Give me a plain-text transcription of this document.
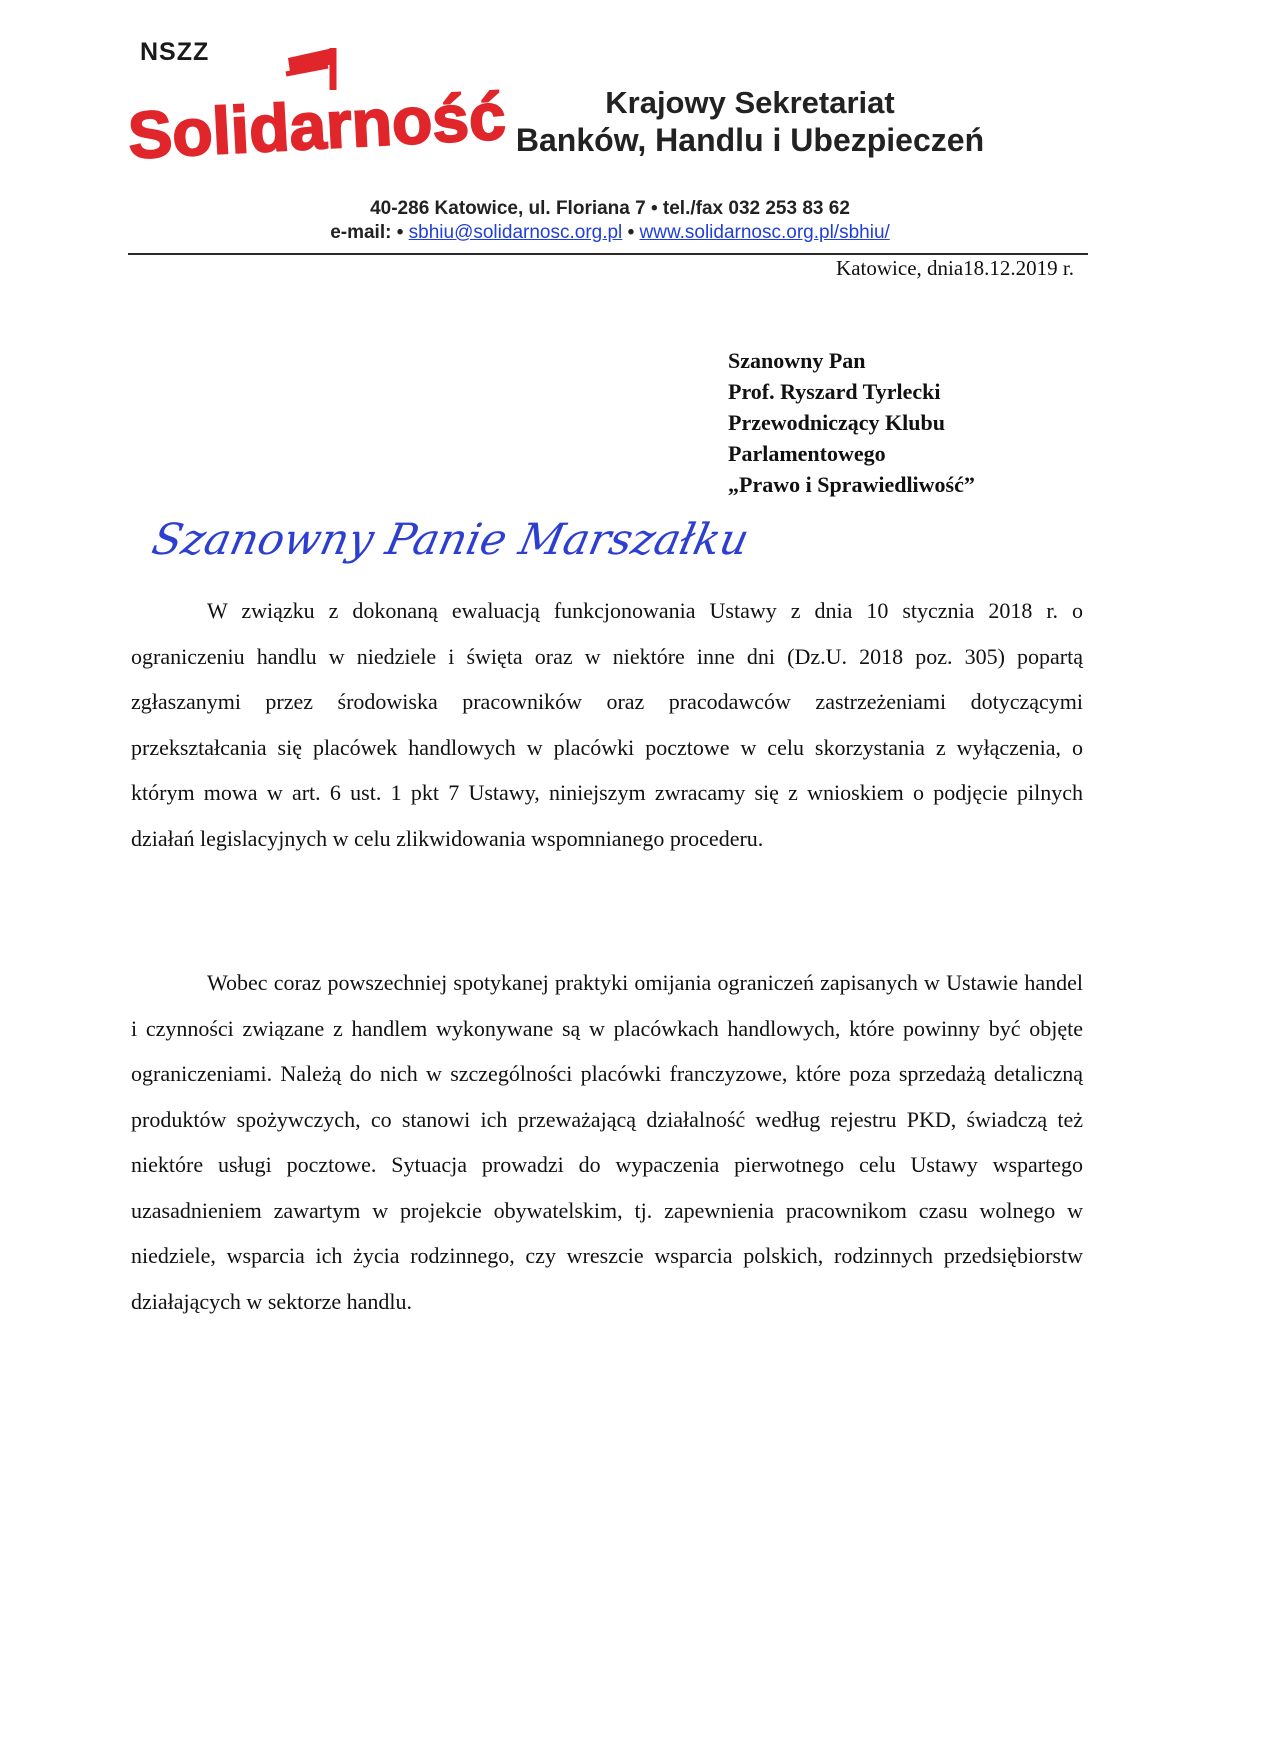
NSZZ
Solidarność	Krajowy Sekretariat
Banków, Handlu i Ubezpieczeń
40-286 Katowice, ul. Floriana 7 • tel./fax 032 253 83 62
e-mail: • sbhiu@solidarnosc.org.pl • www.solidarnosc.org.pl/sbhiu/
Katowice, dnia18.12.2019 r.
Szanowny Pan
Prof. Ryszard Tyrlecki
Przewodniczący Klubu
Parlamentowego
„Prawo i Sprawiedliwość”
Szanowny Panie Marszałku
W związku z dokonaną ewaluacją funkcjonowania Ustawy z dnia 10 stycznia 2018 r. o ograniczeniu handlu w niedziele i święta oraz w niektóre inne dni (Dz.U. 2018 poz. 305) popartą zgłaszanymi przez środowiska pracowników oraz pracodawców zastrzeżeniami dotyczącymi przekształcania się placówek handlowych w placówki pocztowe w celu skorzystania z wyłączenia, o którym mowa w art. 6 ust. 1 pkt 7 Ustawy, niniejszym zwracamy się z wnioskiem o podjęcie pilnych działań legislacyjnych w celu zlikwidowania wspomnianego procederu.
Wobec coraz powszechniej spotykanej praktyki omijania ograniczeń zapisanych w Ustawie handel i czynności związane z handlem wykonywane są w placówkach handlowych, które powinny być objęte ograniczeniami. Należą do nich w szczególności placówki franczyzowe, które poza sprzedażą detaliczną produktów spożywczych, co stanowi ich przeważającą działalność według rejestru PKD, świadczą też niektóre usługi pocztowe. Sytuacja prowadzi do wypaczenia pierwotnego celu Ustawy wspartego uzasadnieniem zawartym w projekcie obywatelskim, tj. zapewnienia pracownikom czasu wolnego w niedziele, wsparcia ich życia rodzinnego, czy wreszcie wsparcia polskich, rodzinnych przedsiębiorstw działających w sektorze handlu.
